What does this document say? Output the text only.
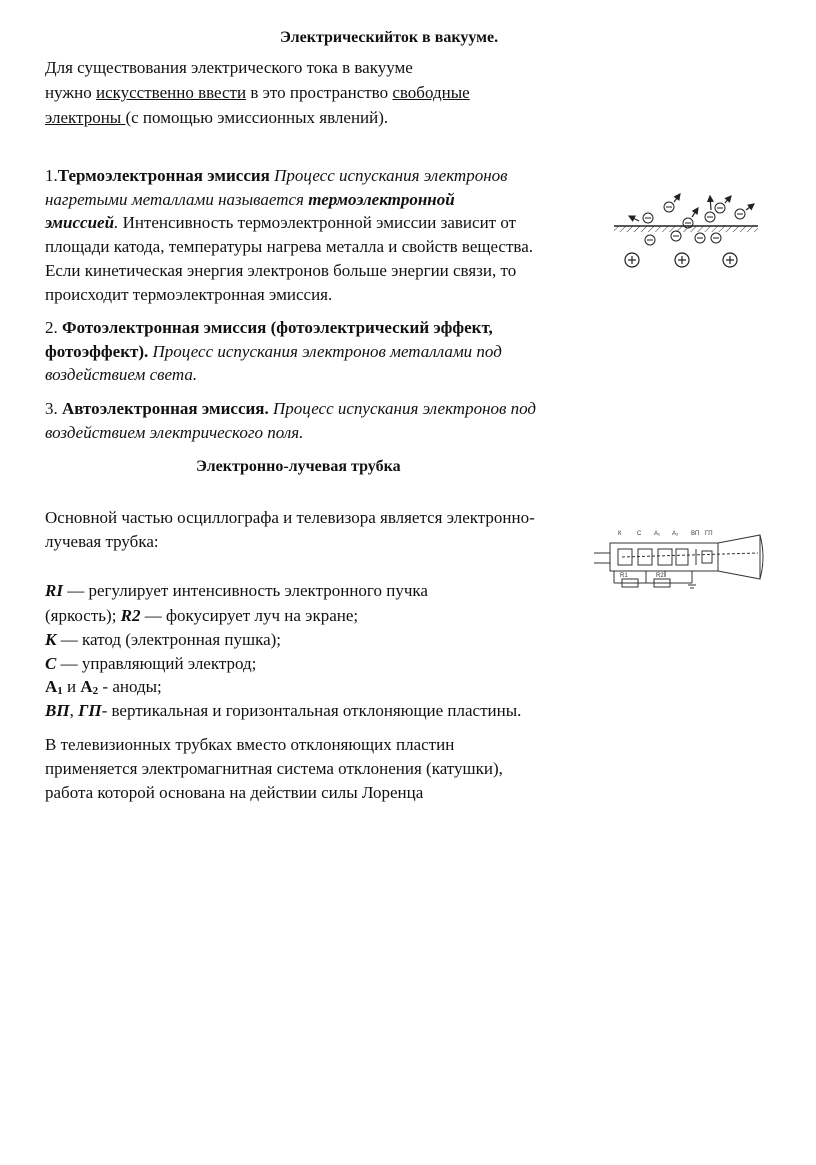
Электрическийток в вакууме.
Для существования электрического тока в вакууме
нужно искусственно ввести в это пространство свободные
электроны (с помощью эмиссионных явлений).
1.Термоэлектронная эмиссия Процесс испускания электронов
нагретыми металлами называется термоэлектронной
эмиссией. Интенсивность термоэлектронной эмиссии зависит от
площади катода, температуры нагрева металла и свойств вещества.
Если кинетическая энергия электронов больше энергии связи, то
происходит термоэлектронная эмиссия.
2. Фотоэлектронная эмиссия (фотоэлектрический эффект,
фотоэффект). Процесс испускания электронов металлами под
воздействием света.
3. Автоэлектронная эмиссия. Процесс испускания электронов под
воздействием электрического поля.
Электронно-лучевая трубка
Основной частью осциллографа и телевизора является электронно-
лучевая трубка:
RI — регулирует интенсивность электронного пучка
(яркость); R2 — фокусирует луч на экране;
К — катод (электронная пушка);
С — управляющий электрод;
$А_1$ и $А_2$ - аноды;
ВП, ГП- вертикальная и горизонтальная отклоняющие пластины.
В телевизионных трубках вместо отклоняющих пластин
применяется электромагнитная система отклонения (катушки),
работа которой основана на действии силы Лоренца
К	С А₁ А₂ ВП ГП
R1	R2
